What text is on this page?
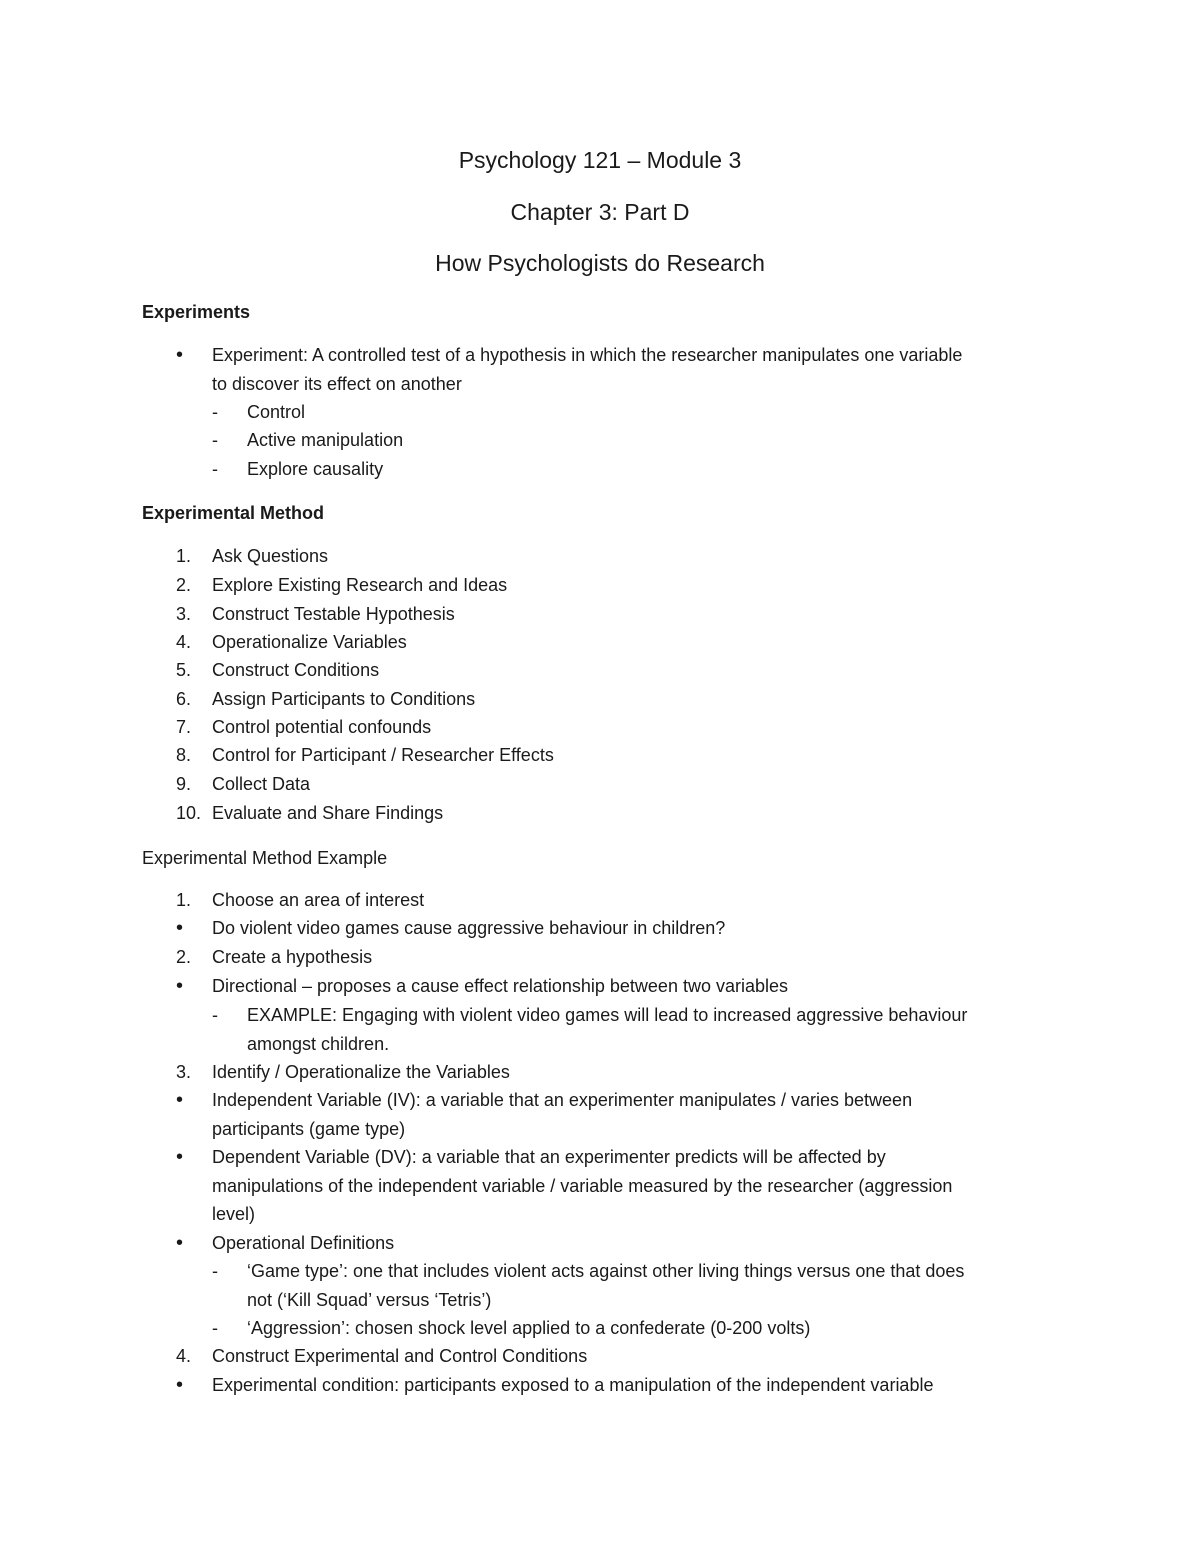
Psychology 121 – Module 3
Chapter 3: Part D
How Psychologists do Research
Experiments
•	Experiment: A controlled test of a hypothesis in which the researcher manipulates one variable
to discover its effect on another
-	Control
-	Active manipulation
-	Explore causality
Experimental Method
1.	Ask Questions
2.	Explore Existing Research and Ideas
3.	Construct Testable Hypothesis
4.	Operationalize Variables
5.	Construct Conditions
6.	Assign Participants to Conditions
7.	Control potential confounds
8.	Control for Participant / Researcher Effects
9.	Collect Data
10. Evaluate and Share Findings
Experimental Method Example
1.	Choose an area of interest
•	Do violent video games cause aggressive behaviour in children?
2.	Create a hypothesis
•	Directional – proposes a cause effect relationship between two variables
-	EXAMPLE: Engaging with violent video games will lead to increased aggressive behaviour
amongst children.
3.	Identify / Operationalize the Variables
•	Independent Variable (IV): a variable that an experimenter manipulates / varies between
participants (game type)
•	Dependent Variable (DV): a variable that an experimenter predicts will be affected by
manipulations of the independent variable / variable measured by the researcher (aggression
level)
•	Operational Definitions
-	‘Game type’: one that includes violent acts against other living things versus one that does
not (‘Kill Squad’ versus ‘Tetris’)
-	‘Aggression’: chosen shock level applied to a confederate (0-200 volts)
4.	Construct Experimental and Control Conditions
•	Experimental condition: participants exposed to a manipulation of the independent variable
